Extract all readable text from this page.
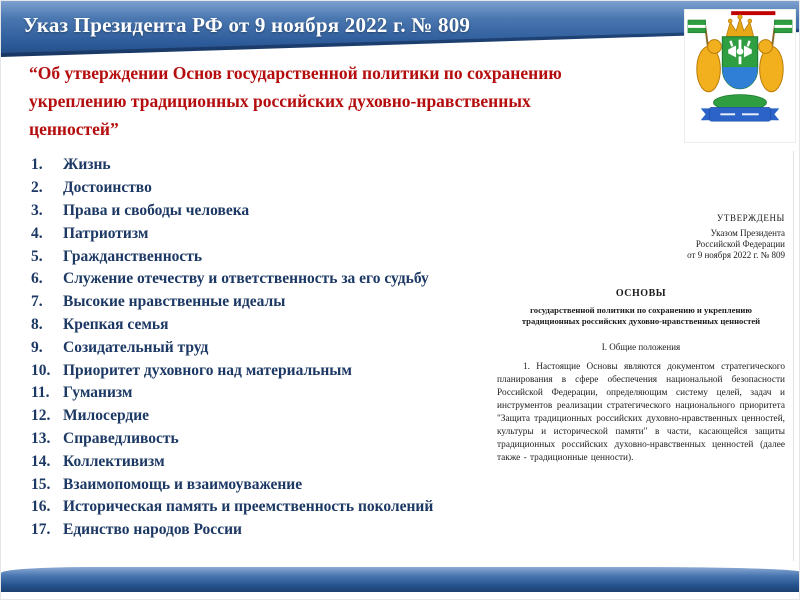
Указ Президента РФ от 9 ноября 2022 г. № 809
“Об утверждении Основ государственной политики по сохранению
укреплению традиционных российских духовно-нравственных
ценностей”
1.	Жизнь
2.	Достоинство
3.	Права и свободы человека
4.	Патриотизм
5.	Гражданственность
6.	Служение отечеству и ответственность за его судьбу
7.	Высокие нравственные идеалы
8.	Крепкая семья
9.	Созидательный труд
10. Приоритет духовного над материальным
11. Гуманизм
12. Милосердие
13. Справедливость
14. Коллективизм
15. Взаимопомощь и взаимоуважение
16. Историческая память и преемственность поколений
17. Единство народов России
УТВЕРЖДЕНЫ
Указом Президента
Российской Федерации
от 9 ноября 2022 г. № 809
ОСНОВЫ
государственной политики по сохранению и укреплению традиционных российских духовно-нравственных ценностей
I. Общие положения

1. Настоящие Основы являются документом стратегического планирования в сфере обеспечения национальной безопасности Российской Федерации, определяющим систему целей, задач и инструментов реализации стратегического национального приоритета "Защита традиционных российских духовно-нравственных ценностей, культуры и исторической памяти" в части, касающейся защиты традиционных российских духовно-нравственных ценностей (далее также - традиционные ценности).
